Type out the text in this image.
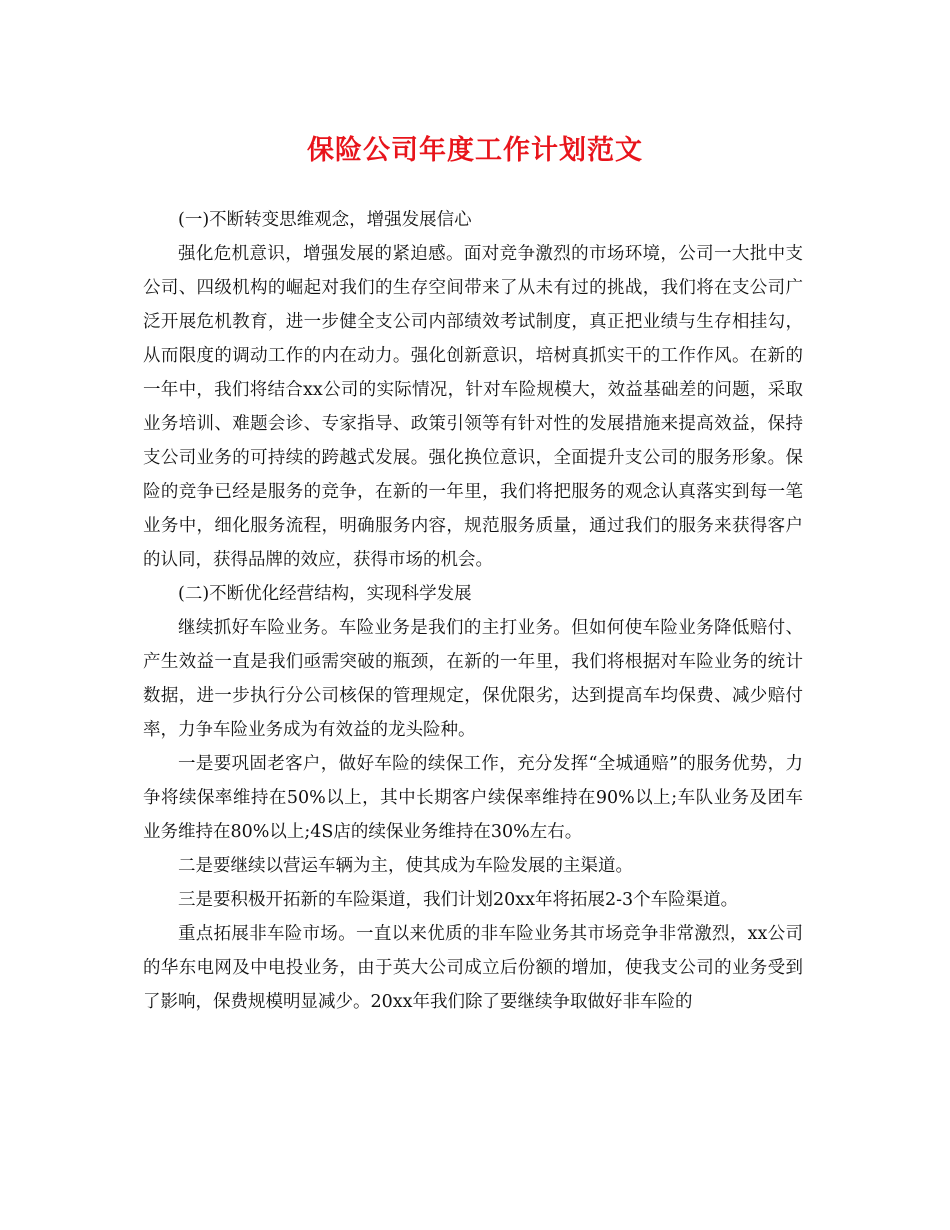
保险公司年度工作计划范文

(一)不断转变思维观念，增强发展信心

强化危机意识，增强发展的紧迫感。面对竞争激烈的市场环境，公司一大批中支公司、四级机构的崛起对我们的生存空间带来了从未有过的挑战，我们将在支公司广泛开展危机教育，进一步健全支公司内部绩效考试制度，真正把业绩与生存相挂勾，从而限度的调动工作的内在动力。强化创新意识，培树真抓实干的工作作风。在新的一年中，我们将结合xx公司的实际情况，针对车险规模大，效益基础差的问题，采取业务培训、难题会诊、专家指导、政策引领等有针对性的发展措施来提高效益，保持支公司业务的可持续的跨越式发展。强化换位意识，全面提升支公司的服务形象。保险的竞争已经是服务的竞争，在新的一年里，我们将把服务的观念认真落实到每一笔业务中，细化服务流程，明确服务内容，规范服务质量，通过我们的服务来获得客户的认同，获得品牌的效应，获得市场的机会。

(二)不断优化经营结构，实现科学发展

继续抓好车险业务。车险业务是我们的主打业务。但如何使车险业务降低赔付、产生效益一直是我们亟需突破的瓶颈，在新的一年里，我们将根据对车险业务的统计数据，进一步执行分公司核保的管理规定，保优限劣，达到提高车均保费、减少赔付率，力争车险业务成为有效益的龙头险种。

一是要巩固老客户，做好车险的续保工作，充分发挥“全城通赔”的服务优势，力争将续保率维持在50%以上，其中长期客户续保率维持在90%以上;车队业务及团车业务维持在80%以上;4S店的续保业务维持在30%左右。

二是要继续以营运车辆为主，使其成为车险发展的主渠道。

三是要积极开拓新的车险渠道，我们计划20xx年将拓展2-3个车险渠道。

重点拓展非车险市场。一直以来优质的非车险业务其市场竞争非常激烈，xx公司的华东电网及中电投业务，由于英大公司成立后份额的增加，使我支公司的业务受到了影响，保费规模明显减少。20xx年我们除了要继续争取做好非车险的
